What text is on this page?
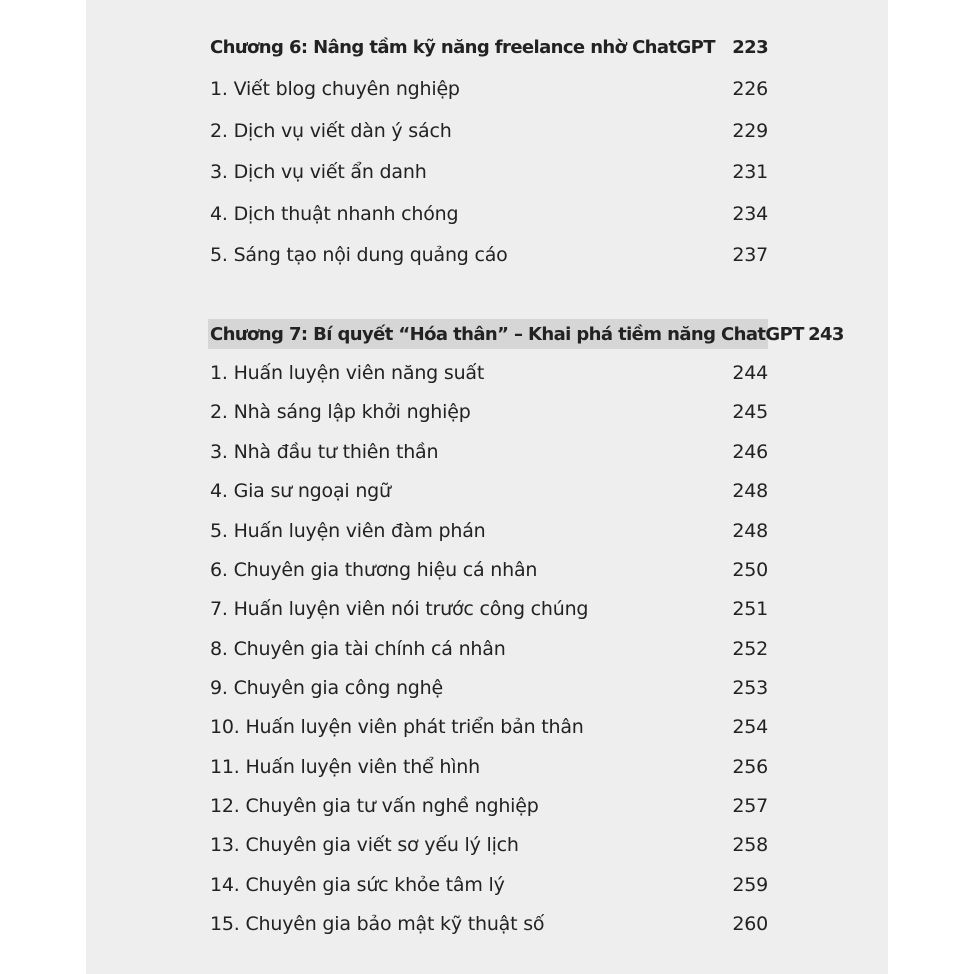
Chương 6: Nâng tầm kỹ năng freelance nhờ ChatGPT 223
1. Viết blog chuyên nghiệp	226
2. Dịch vụ viết dàn ý sách	229
3. Dịch vụ viết ẩn danh	231
4. Dịch thuật nhanh chóng	234
5. Sáng tạo nội dung quảng cáo	237
Chương 7: Bí quyết “Hóa thân” – Khai phá tiềm năng ChatGPT 243
1. Huấn luyện viên năng suất	244
2. Nhà sáng lập khởi nghiệp	245
3. Nhà đầu tư thiên thần	246
4. Gia sư ngoại ngữ	248
5. Huấn luyện viên đàm phán	248
6. Chuyên gia thương hiệu cá nhân	250
7. Huấn luyện viên nói trước công chúng	251
8. Chuyên gia tài chính cá nhân	252
9. Chuyên gia công nghệ	253
10. Huấn luyện viên phát triển bản thân	254
11. Huấn luyện viên thể hình	256
12. Chuyên gia tư vấn nghề nghiệp	257
13. Chuyên gia viết sơ yếu lý lịch	258
14. Chuyên gia sức khỏe tâm lý	259
15. Chuyên gia bảo mật kỹ thuật số	260
